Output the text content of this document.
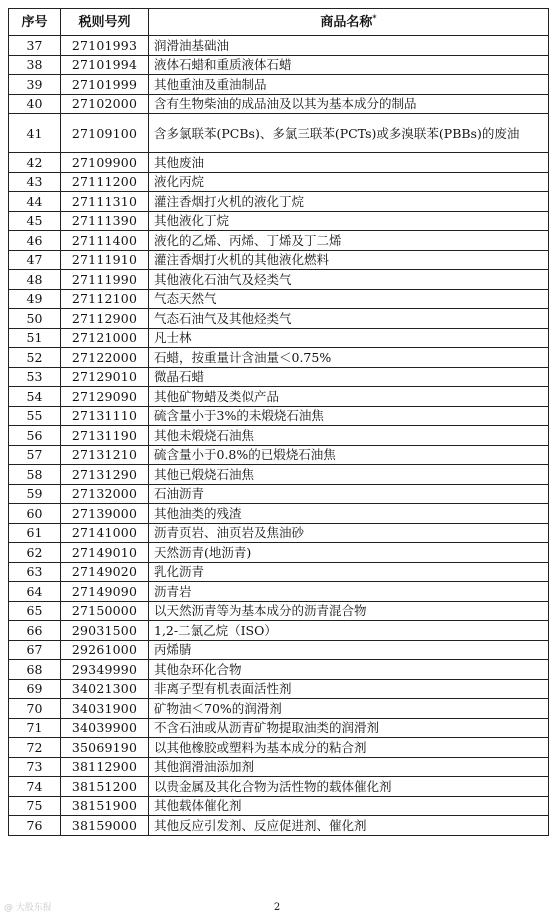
序号	税则号列	商品名称*
37	27101993	润滑油基础油
38	27101994	液体石蜡和重质液体石蜡
39	27101999	其他重油及重油制品
40	27102000	含有生物柴油的成品油及以其为基本成分的制品
41	27109100	含多氯联苯(PCBs)、多氯三联苯(PCTs)或多溴联苯(PBBs)的废油
42	27109900	其他废油
43	27111200	液化丙烷
44	27111310	灌注香烟打火机的液化丁烷
45	27111390	其他液化丁烷
46	27111400	液化的乙烯、丙烯、丁烯及丁二烯
47	27111910	灌注香烟打火机的其他液化燃料
48	27111990	其他液化石油气及烃类气
49	27112100	气态天然气
50	27112900	气态石油气及其他烃类气
51	27121000	凡士林
52	27122000	石蜡，按重量计含油量＜0.75%
53	27129010	微晶石蜡
54	27129090	其他矿物蜡及类似产品
55	27131110	硫含量小于3%的未煅烧石油焦
56	27131190	其他未煅烧石油焦
57	27131210	硫含量小于0.8%的已煅烧石油焦
58	27131290	其他已煅烧石油焦
59	27132000	石油沥青
60	27139000	其他油类的残渣
61	27141000	沥青页岩、油页岩及焦油砂
62	27149010	天然沥青(地沥青)
63	27149020	乳化沥青
64	27149090	沥青岩
65	27150000	以天然沥青等为基本成分的沥青混合物
66	29031500	1,2-二氯乙烷（ISO）
67	29261000	丙烯腈
68	29349990	其他杂环化合物
69	34021300	非离子型有机表面活性剂
70	34031900	矿物油＜70%的润滑剂
71	34039900	不含石油或从沥青矿物提取油类的润滑剂
72	35069190	以其他橡胶或塑料为基本成分的粘合剂
73	38112900	其他润滑油添加剂
74	38151200	以贵金属及其化合物为活性物的载体催化剂
75	38151900	其他载体催化剂
76	38159000	其他反应引发剂、反应促进剂、催化剂
2
@ 大股东报
